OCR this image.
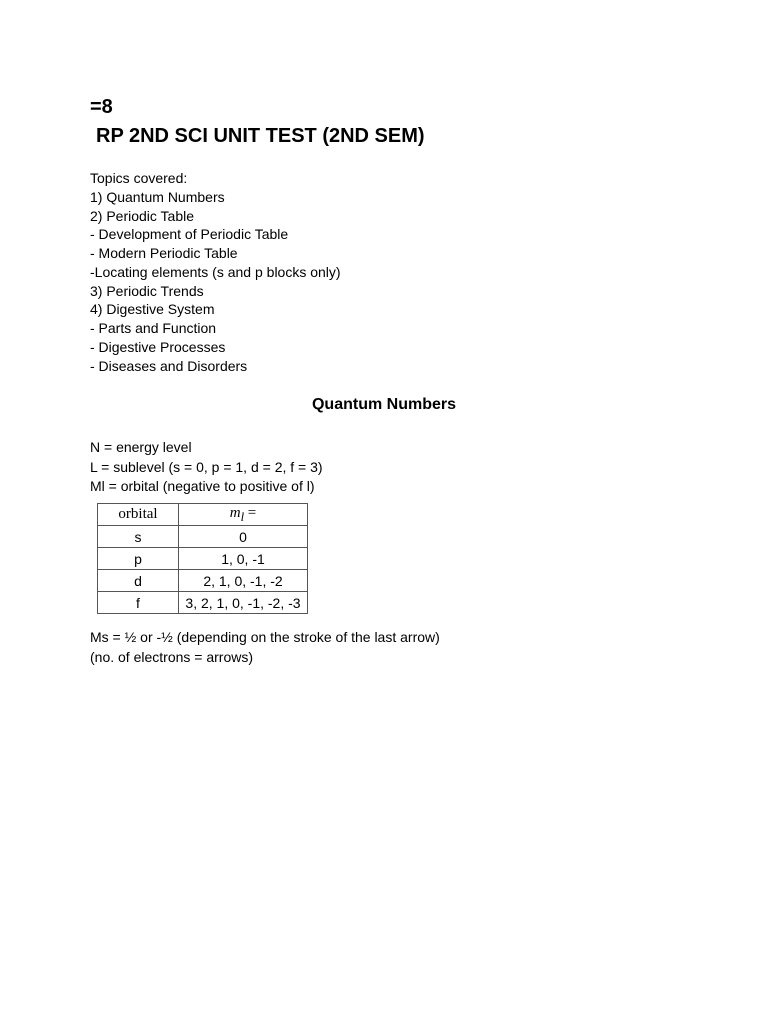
=8
RP 2ND SCI UNIT TEST (2ND SEM)
Topics covered:
1) Quantum Numbers
2) Periodic Table
- Development of Periodic Table
- Modern Periodic Table
-Locating elements (s and p blocks only)
3) Periodic Trends
4) Digestive System
- Parts and Function
- Digestive Processes
- Diseases and Disorders
Quantum Numbers
N = energy level
L = sublevel (s = 0, p = 1, d = 2, f = 3)
Ml = orbital (negative to positive of l)
orbital	$m_l$ =
s	0
p	1, 0, -1
d	2, 1, 0, -1, -2
f	3, 2, 1, 0, -1, -2, -3
Ms = ½ or -½ (depending on the stroke of the last arrow)
(no. of electrons = arrows)
